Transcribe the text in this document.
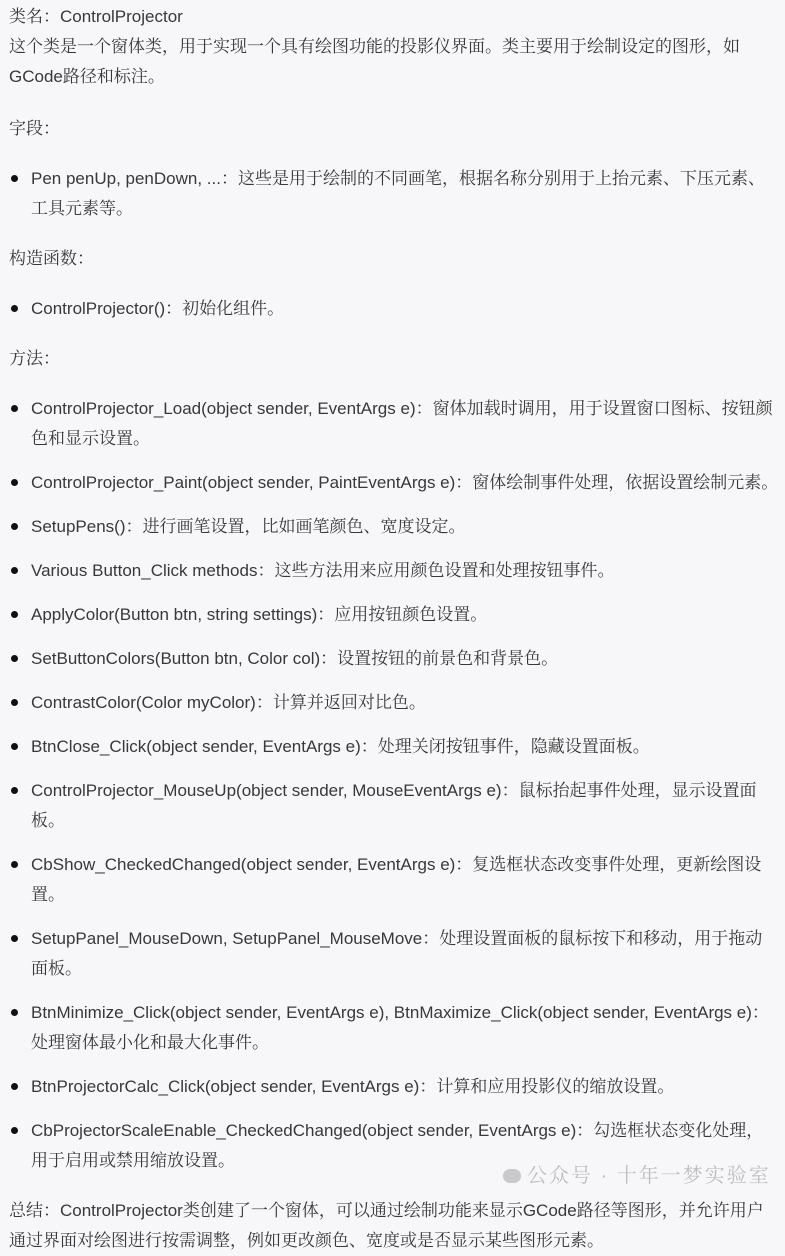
类名：ControlProjector

这个类是一个窗体类，用于实现一个具有绘图功能的投影仪界面。类主要用于绘制设定的图形，如GCode路径和标注。

字段：

Pen penUp, penDown, ...：这些是用于绘制的不同画笔，根据名称分别用于上抬元素、下压元素、工具元素等。

构造函数：

ControlProjector()：初始化组件。

方法：

ControlProjector_Load(object sender, EventArgs e)：窗体加载时调用，用于设置窗口图标、按钮颜色和显示设置。
ControlProjector_Paint(object sender, PaintEventArgs e)：窗体绘制事件处理，依据设置绘制元素。
SetupPens()：进行画笔设置，比如画笔颜色、宽度设定。
Various Button_Click methods：这些方法用来应用颜色设置和处理按钮事件。
ApplyColor(Button btn, string settings)：应用按钮颜色设置。
SetButtonColors(Button btn, Color col)：设置按钮的前景色和背景色。
ContrastColor(Color myColor)：计算并返回对比色。
BtnClose_Click(object sender, EventArgs e)：处理关闭按钮事件，隐藏设置面板。
ControlProjector_MouseUp(object sender, MouseEventArgs e)：鼠标抬起事件处理，显示设置面板。
CbShow_CheckedChanged(object sender, EventArgs e)：复选框状态改变事件处理，更新绘图设置。
SetupPanel_MouseDown, SetupPanel_MouseMove：处理设置面板的鼠标按下和移动，用于拖动面板。
BtnMinimize_Click(object sender, EventArgs e), BtnMaximize_Click(object sender, EventArgs e)：处理窗体最小化和最大化事件。
BtnProjectorCalc_Click(object sender, EventArgs e)：计算和应用投影仪的缩放设置。
CbProjectorScaleEnable_CheckedChanged(object sender, EventArgs e)：勾选框状态变化处理，用于启用或禁用缩放设置。

总结：ControlProjector类创建了一个窗体，可以通过绘制功能来显示GCode路径等图形，并允许用户通过界面对绘图进行按需调整，例如更改颜色、宽度或是否显示某些图形元素。

公众号 · 十年一梦实验室
